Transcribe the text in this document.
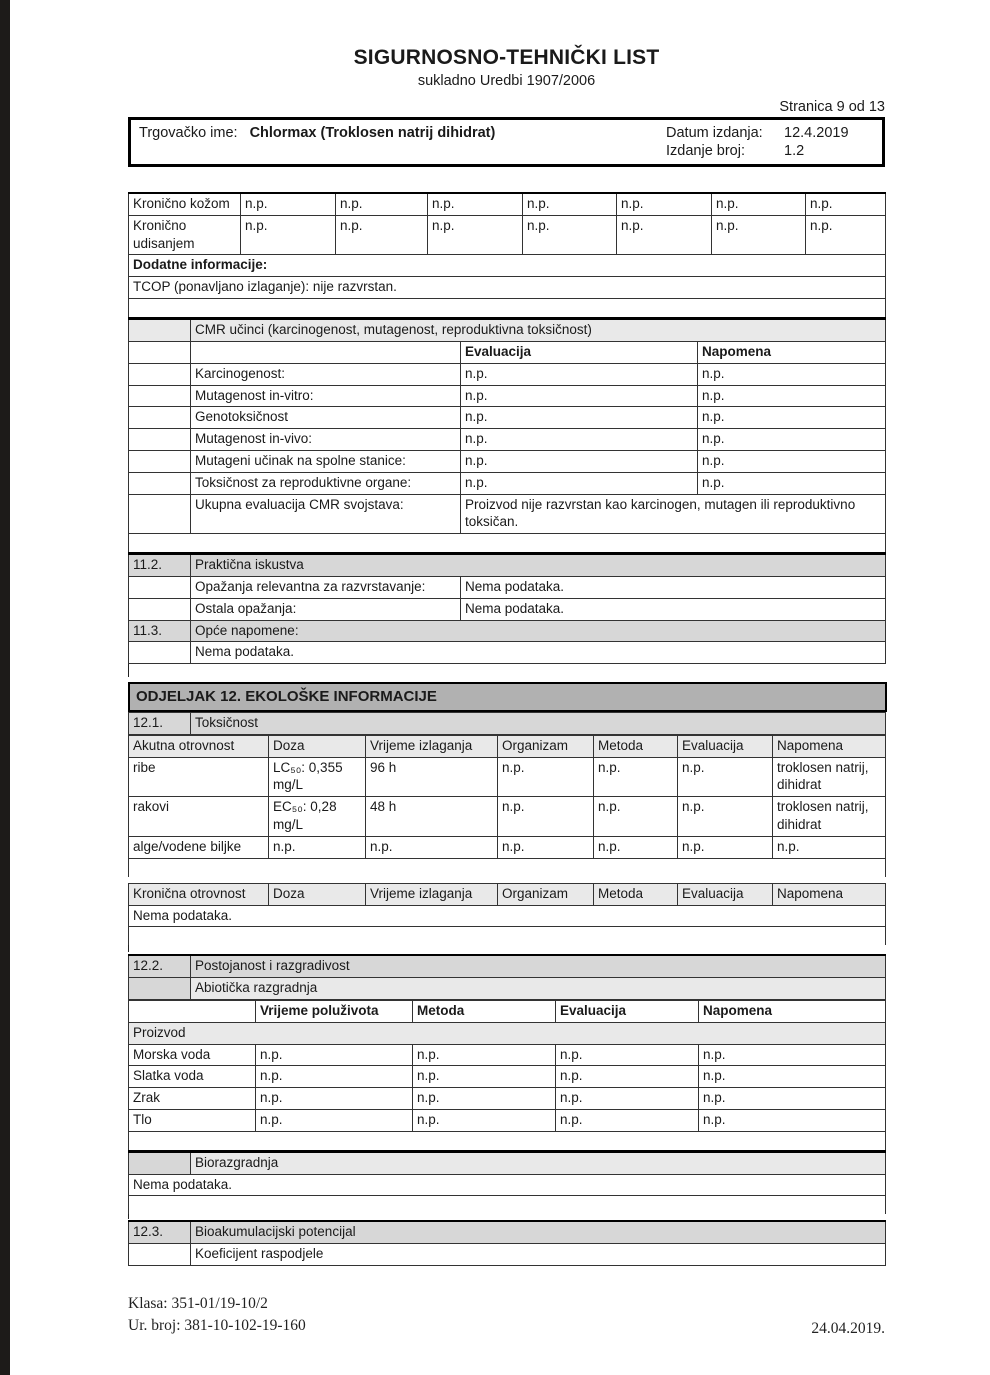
SIGURNOSNO-TEHNIČKI LIST
sukladno Uredbi 1907/2006
Stranica 9 od 13
Trgovačko ime: Chlormax (Troklosen natrij dihidrat)	Datum izdanja:	12.4.2019
Izdanje broj:	1.2
Kronično kožom	n.p.	n.p.	n.p.	n.p.	n.p.	n.p.	n.p.
Kronično udisanjem	n.p.	n.p.	n.p.	n.p.	n.p.	n.p.	n.p.
Dodatne informacije:							
TCOP (ponavljano izlaganje): nije razvrstan.							

	CMR učinci (karcinogenost, mutagenost, reproduktivna toksičnost)		
		Evaluacija	Napomena
	Karcinogenost:	n.p.	n.p.
	Mutagenost in-vitro:	n.p.	n.p.
	Genotoksičnost	n.p.	n.p.
	Mutagenost in-vivo:	n.p.	n.p.
	Mutageni učinak na spolne stanice:	n.p.	n.p.
	Toksičnost za reproduktivne organe:	n.p.	n.p.
	Ukupna evaluacija CMR svojstava:	Proizvod nije razvrstan kao karcinogen, mutagen ili reproduktivno toksičan.	

11.2.	Praktična iskustva	
	Opažanja relevantna za razvrstavanje:	Nema podataka.
	Ostala opažanja:	Nema podataka.
11.3.	Opće napomene:	
	Nema podataka.	
ODJELJAK 12. EKOLOŠKE INFORMACIJE
12.1.	Toksičnost
Akutna otrovnost	Doza	Vrijeme izlaganja	Organizam	Metoda	Evaluacija	Napomena
ribe	LC₅₀: 0,355 mg/L	96 h	n.p.	n.p.	n.p.	troklosen natrij, dihidrat
rakovi	EC₅₀: 0,28 mg/L	48 h	n.p.	n.p.	n.p.	troklosen natrij, dihidrat
alge/vodene biljke	n.p.	n.p.	n.p.	n.p.	n.p.	n.p.

Kronična otrovnost	Doza	Vrijeme izlaganja	Organizam	Metoda	Evaluacija	Napomena
Nema podataka.

12.2.	Postojanost i razgradivost
	Abiotička razgradnja
	Vrijeme poluživota	Metoda	Evaluacija	Napomena
Proizvod				
Morska voda	n.p.	n.p.	n.p.	n.p.
Slatka voda	n.p.	n.p.	n.p.	n.p.
Zrak	n.p.	n.p.	n.p.	n.p.
Tlo	n.p.	n.p.	n.p.	n.p.

	Biorazgradnja
Nema podataka.

12.3.	Bioakumulacijski potencijal
	Koeficijent raspodjele
Klasa: 351-01/19-10/2
Ur. broj: 381-10-102-19-160	24.04.2019.
